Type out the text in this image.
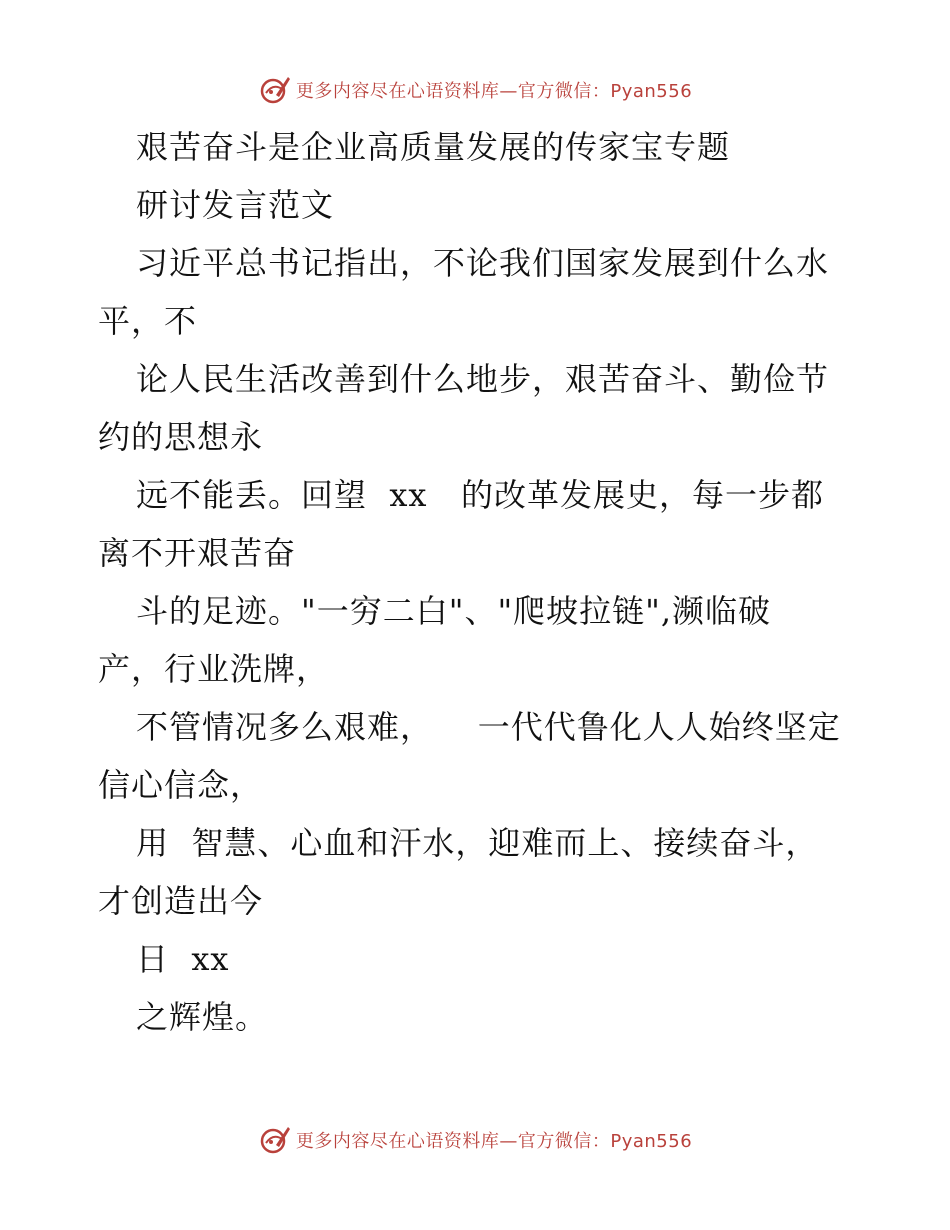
更多内容尽在心语资料库—官方微信：Pyan556
艰苦奋斗是企业高质量发展的传家宝专题
研讨发言范文
习近平总书记指出，不论我们国家发展到什么水
平，不
论人民生活改善到什么地步，艰苦奋斗、勤俭节
约的思想永
远不能丢。回望  xx   的改革发展史，每一步都
离不开艰苦奋
斗的足迹。"一穷二白"、"爬坡拉链",濒临破
产，行业洗牌，
不管情况多么艰难，    一代代鲁化人人始终坚定
信心信念，
用  智慧、心血和汗水，迎难而上、接续奋斗，
才创造出今
日  xx
之辉煌。
更多内容尽在心语资料库—官方微信：Pyan556
